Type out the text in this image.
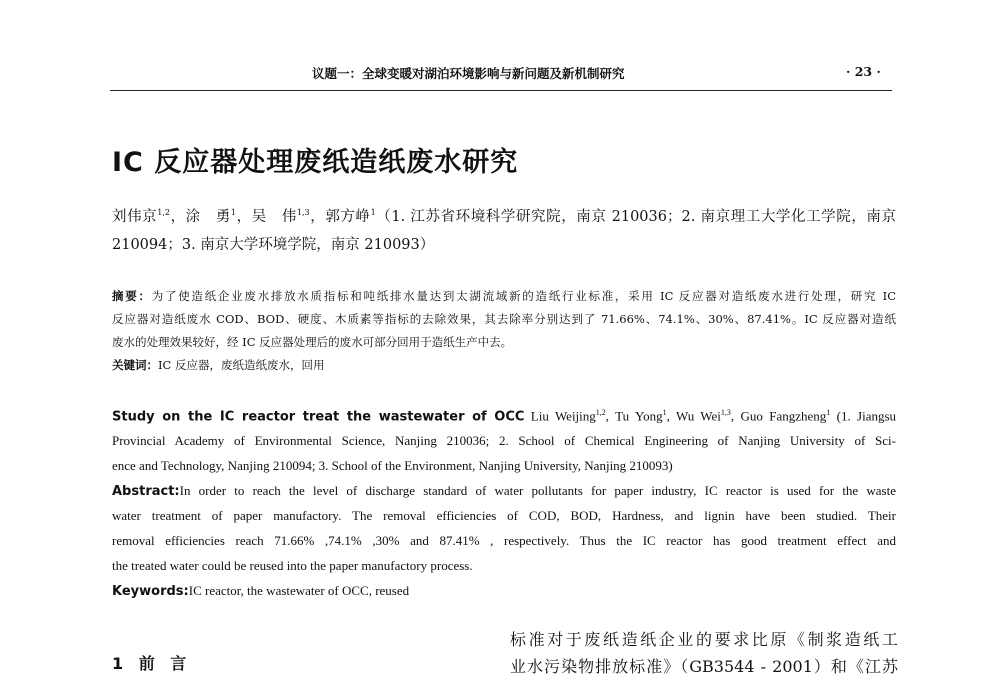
议题一：全球变暖对湖泊环境影响与新问题及新机制研究	· 23 ·
IC 反应器处理废纸造纸废水研究
刘伟京$^{1,2}$，涂　勇$^1$，吴　伟$^{1,3}$，郭方峥$^1$（1. 江苏省环境科学研究院，南京 210036；2. 南京理工大学化工学院，南京
210094；3. 南京大学环境学院，南京 210093）
摘要：为了使造纸企业废水排放水质指标和吨纸排水量达到太湖流域新的造纸行业标准，采用 IC 反应器对造纸废水进行处理，研究 IC
反应器对造纸废水 COD、BOD、硬度、木质素等指标的去除效果，其去除率分别达到了 71.66%、74.1%、30%、87.41%。IC 反应器对造纸
废水的处理效果较好，经 IC 反应器处理后的废水可部分回用于造纸生产中去。
关键词：IC 反应器，废纸造纸废水，回用
Study on the IC reactor treat the wastewater of OCC Liu Weijing$^{1,2}$, Tu Yong$^1$, Wu Wei$^{1,3}$, Guo Fangzheng$^1$ (1. Jiangsu
Provincial Academy of Environmental Science, Nanjing 210036; 2. School of Chemical Engineering of Nanjing University of Sci-
ence and Technology, Nanjing 210094; 3. School of the Environment, Nanjing University, Nanjing 210093)
Abstract:In order to reach the level of discharge standard of water pollutants for paper industry, IC reactor is used for the waste
water treatment of paper manufactory. The removal efficiencies of COD, BOD, Hardness, and lignin have been studied. Their
removal efficiencies reach 71.66% ,74.1% ,30% and 87.41% , respectively. Thus the IC reactor has good treatment effect and
the treated water could be reused into the paper manufactory process.
Keywords:IC reactor, the wastewater of OCC, reused
1 前 言
标准对于废纸造纸企业的要求比原《制浆造纸工
业水污染物排放标准》（GB3544 - 2001）和《江苏
